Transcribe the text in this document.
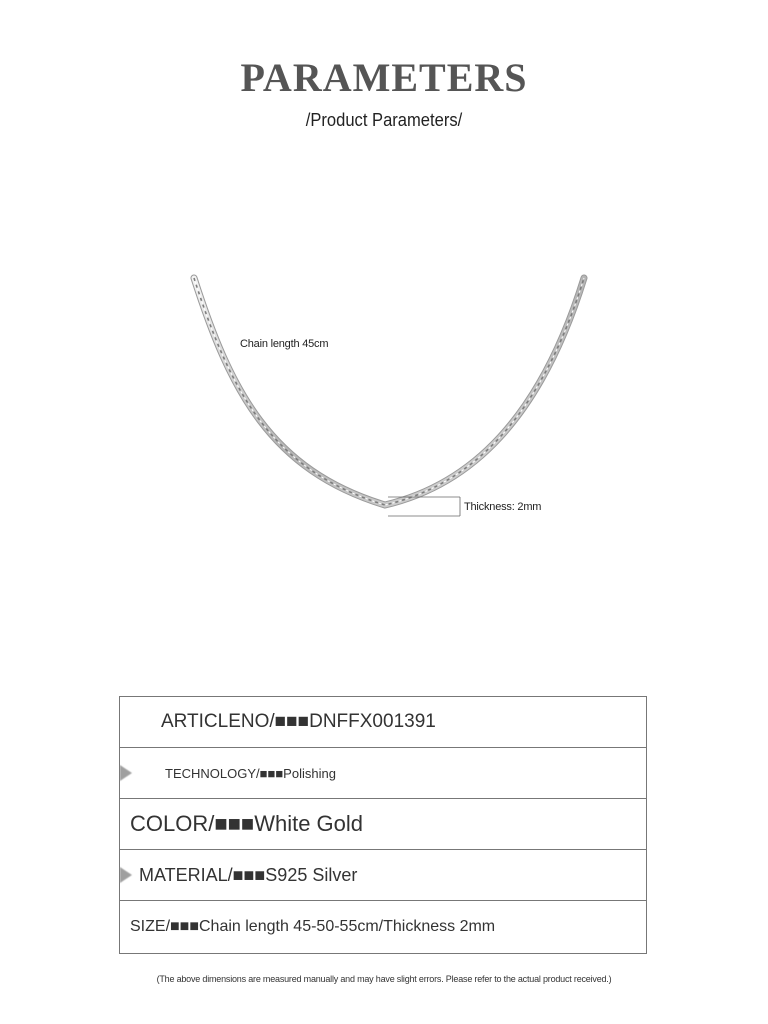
PARAMETERS
/Product Parameters/
Chain length 45cm
Thickness: 2mm
ARTICLENO/■■■DNFFX001391
TECHNOLOGY/■■■Polishing
COLOR/■■■White Gold
MATERIAL/■■■S925 Silver
SIZE/■■■Chain length 45-50-55cm/Thickness 2mm
(The above dimensions are measured manually and may have slight errors. Please refer to the actual product received.)
